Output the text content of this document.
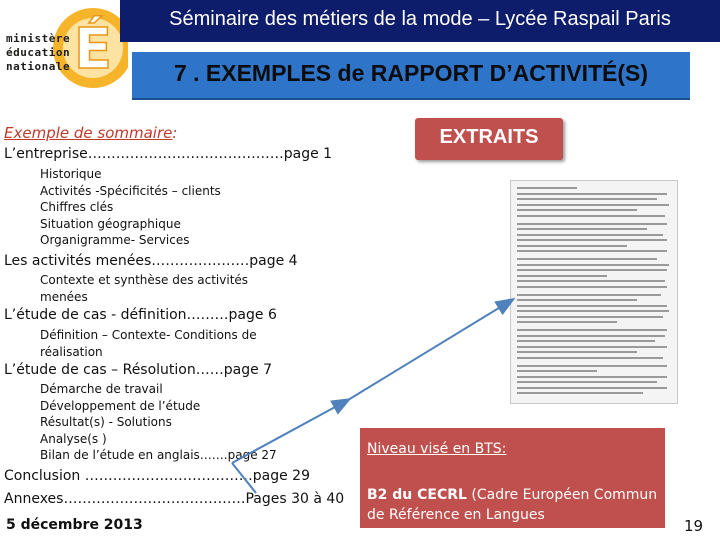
É
ministère
éducation
nationale
Séminaire des métiers de la mode – Lycée Raspail Paris
7 . EXEMPLES de RAPPORT D’ACTIVITÉ(S)
Exemple de sommaire:
L’entreprise……………………………………page 1
Historique
Activités -Spécificités – clients
Chiffres clés
Situation géographique
Organigramme- Services
Les activités menées…………………page 4
Contexte et synthèse des activités
menées
L’étude de cas - définition………page 6
Définition – Contexte- Conditions de
réalisation
L’étude de cas – Résolution……page 7
Démarche de travail
Développement de l’étude
Résultat(s) - Solutions
Analyse(s )
Bilan de l’étude en anglais…….page 27
Conclusion ………………………………page 29
Annexes…………………………………Pages 30 à 40
5 décembre 2013
EXTRAITS
Niveau visé en BTS:
B2 du CECRL (Cadre Européen Commun de Référence en Langues
19
